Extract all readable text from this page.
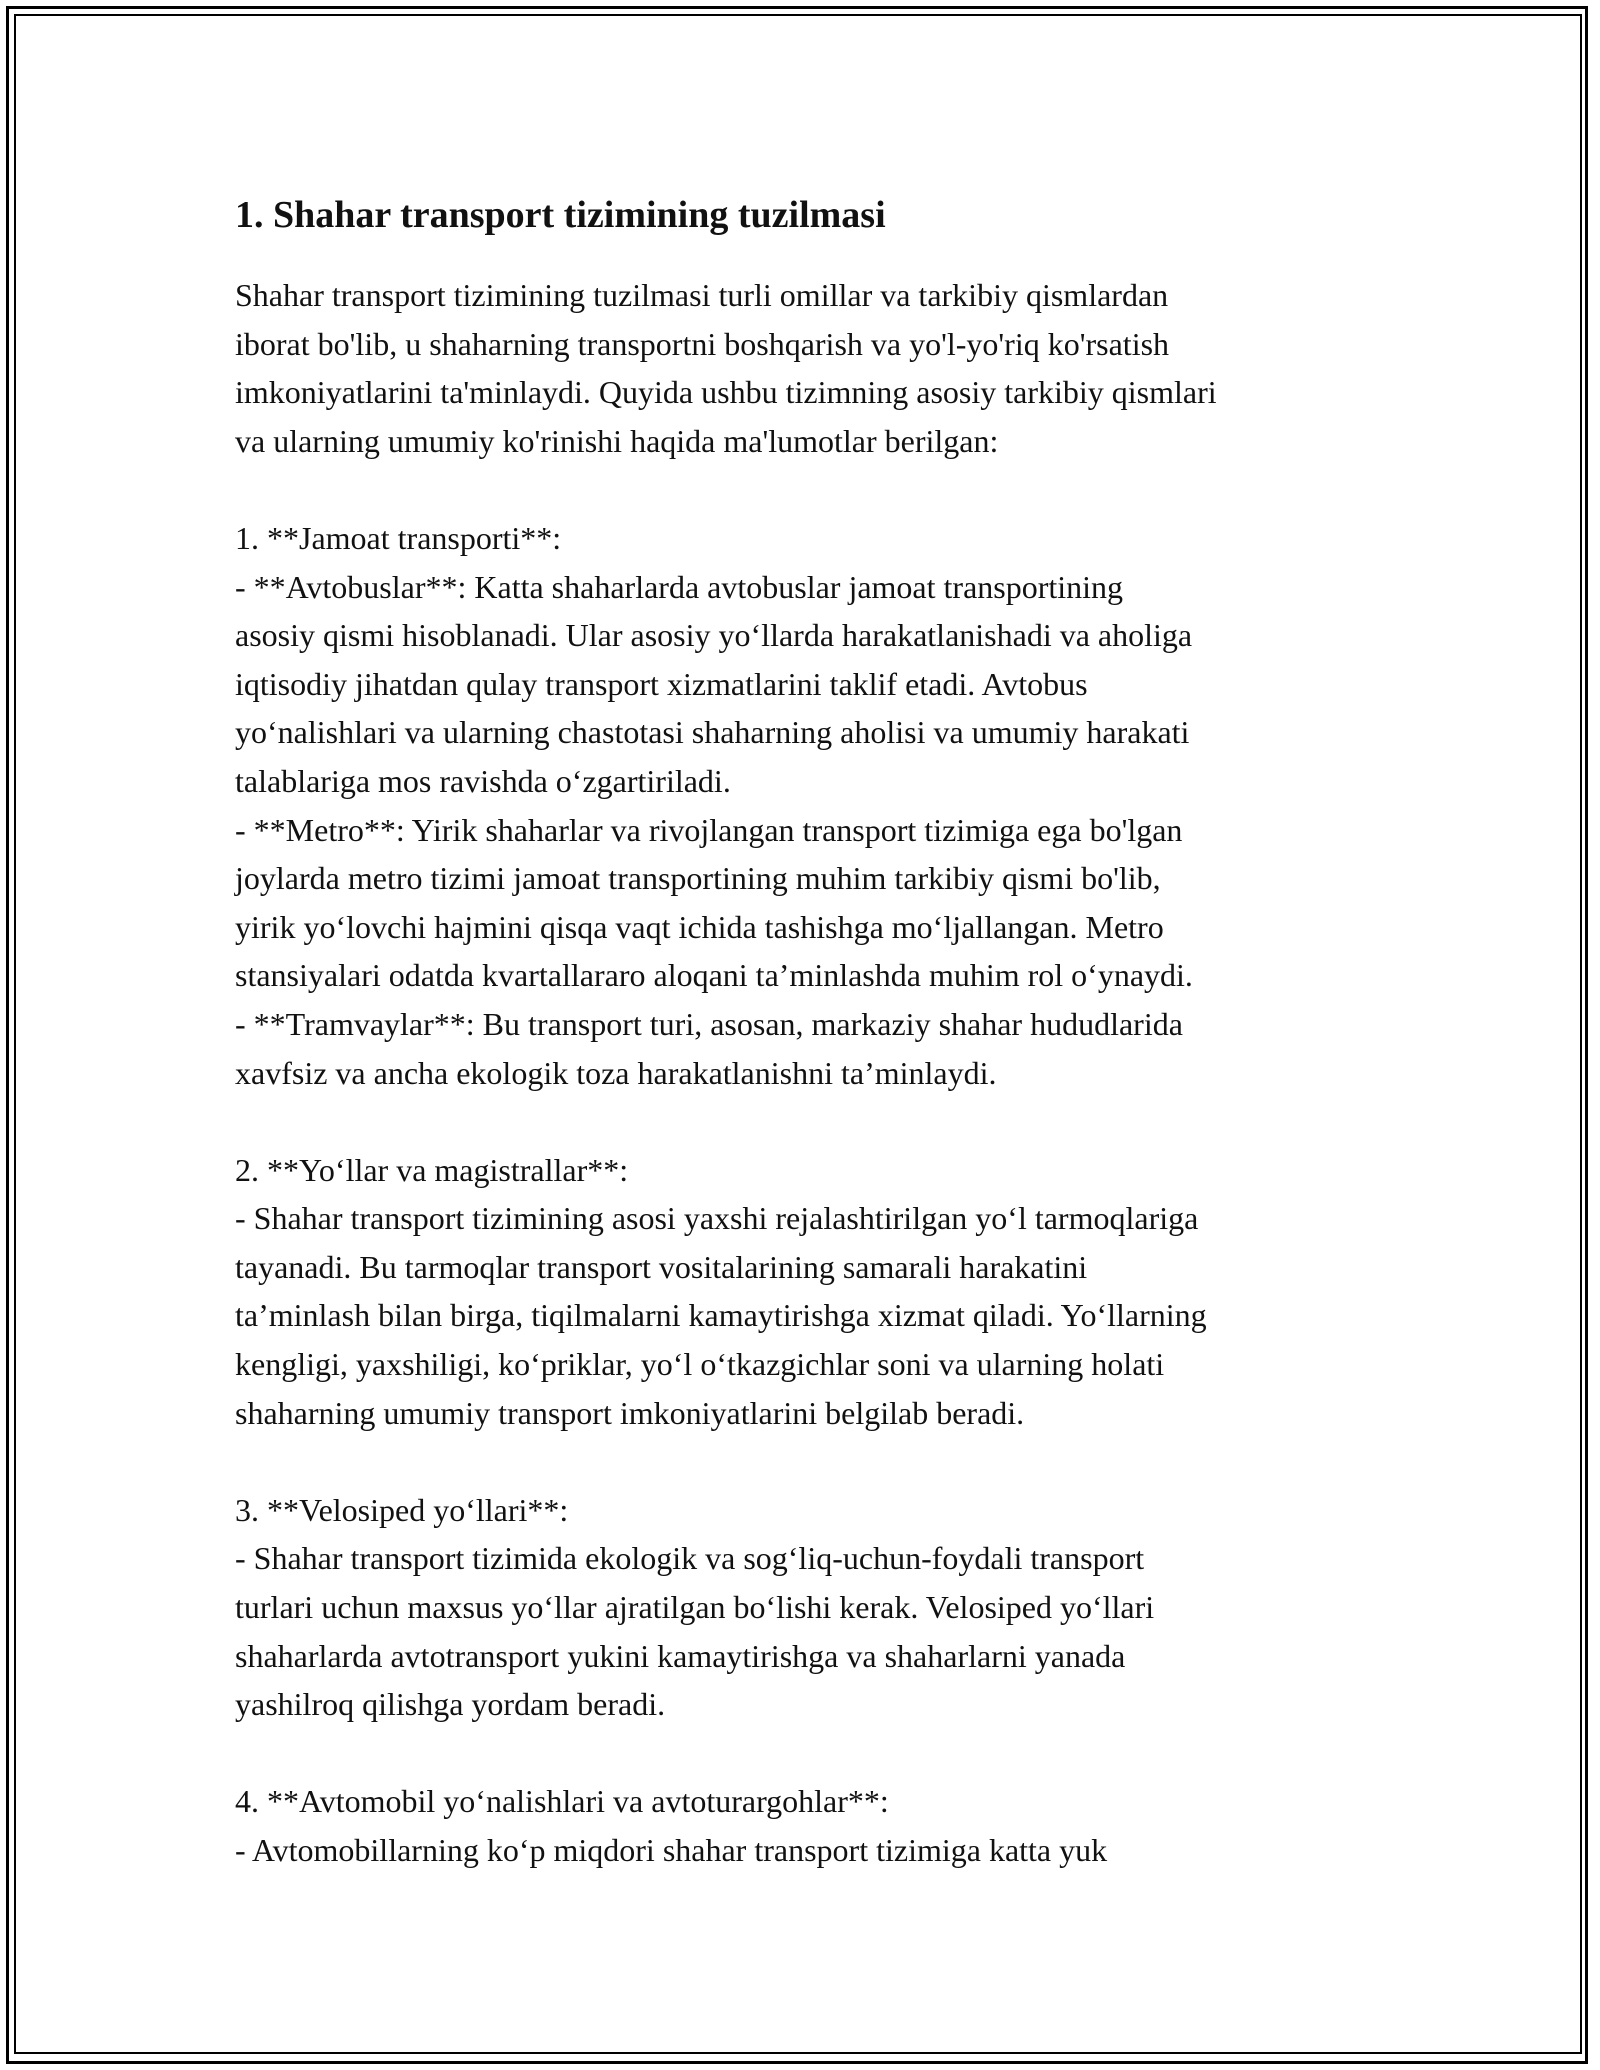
1. Shahar transport tizimining tuzilmasi

Shahar transport tizimining tuzilmasi turli omillar va tarkibiy qismlardan
iborat bo'lib, u shaharning transportni boshqarish va yo'l-yo'riq ko'rsatish
imkoniyatlarini ta'minlaydi. Quyida ushbu tizimning asosiy tarkibiy qismlari
va ularning umumiy ko'rinishi haqida ma'lumotlar berilgan:

1. **Jamoat transporti**:
- **Avtobuslar**: Katta shaharlarda avtobuslar jamoat transportining
asosiy qismi hisoblanadi. Ular asosiy yo‘llarda harakatlanishadi va aholiga
iqtisodiy jihatdan qulay transport xizmatlarini taklif etadi. Avtobus
yo‘nalishlari va ularning chastotasi shaharning aholisi va umumiy harakati
talablariga mos ravishda o‘zgartiriladi.
- **Metro**: Yirik shaharlar va rivojlangan transport tizimiga ega bo'lgan
joylarda metro tizimi jamoat transportining muhim tarkibiy qismi bo'lib,
yirik yo‘lovchi hajmini qisqa vaqt ichida tashishga mo‘ljallangan. Metro
stansiyalari odatda kvartallararo aloqani ta’minlashda muhim rol o‘ynaydi.
- **Tramvaylar**: Bu transport turi, asosan, markaziy shahar hududlarida
xavfsiz va ancha ekologik toza harakatlanishni ta’minlaydi.

2. **Yo‘llar va magistrallar**:
- Shahar transport tizimining asosi yaxshi rejalashtirilgan yo‘l tarmoqlariga
tayanadi. Bu tarmoqlar transport vositalarining samarali harakatini
ta’minlash bilan birga, tiqilmalarni kamaytirishga xizmat qiladi. Yo‘llarning
kengligi, yaxshiligi, ko‘priklar, yo‘l o‘tkazgichlar soni va ularning holati
shaharning umumiy transport imkoniyatlarini belgilab beradi.

3. **Velosiped yo‘llari**:
- Shahar transport tizimida ekologik va sog‘liq-uchun-foydali transport
turlari uchun maxsus yo‘llar ajratilgan bo‘lishi kerak. Velosiped yo‘llari
shaharlarda avtotransport yukini kamaytirishga va shaharlarni yanada
yashilroq qilishga yordam beradi.

4. **Avtomobil yo‘nalishlari va avtoturargohlar**:
- Avtomobillarning ko‘p miqdori shahar transport tizimiga katta yuk
